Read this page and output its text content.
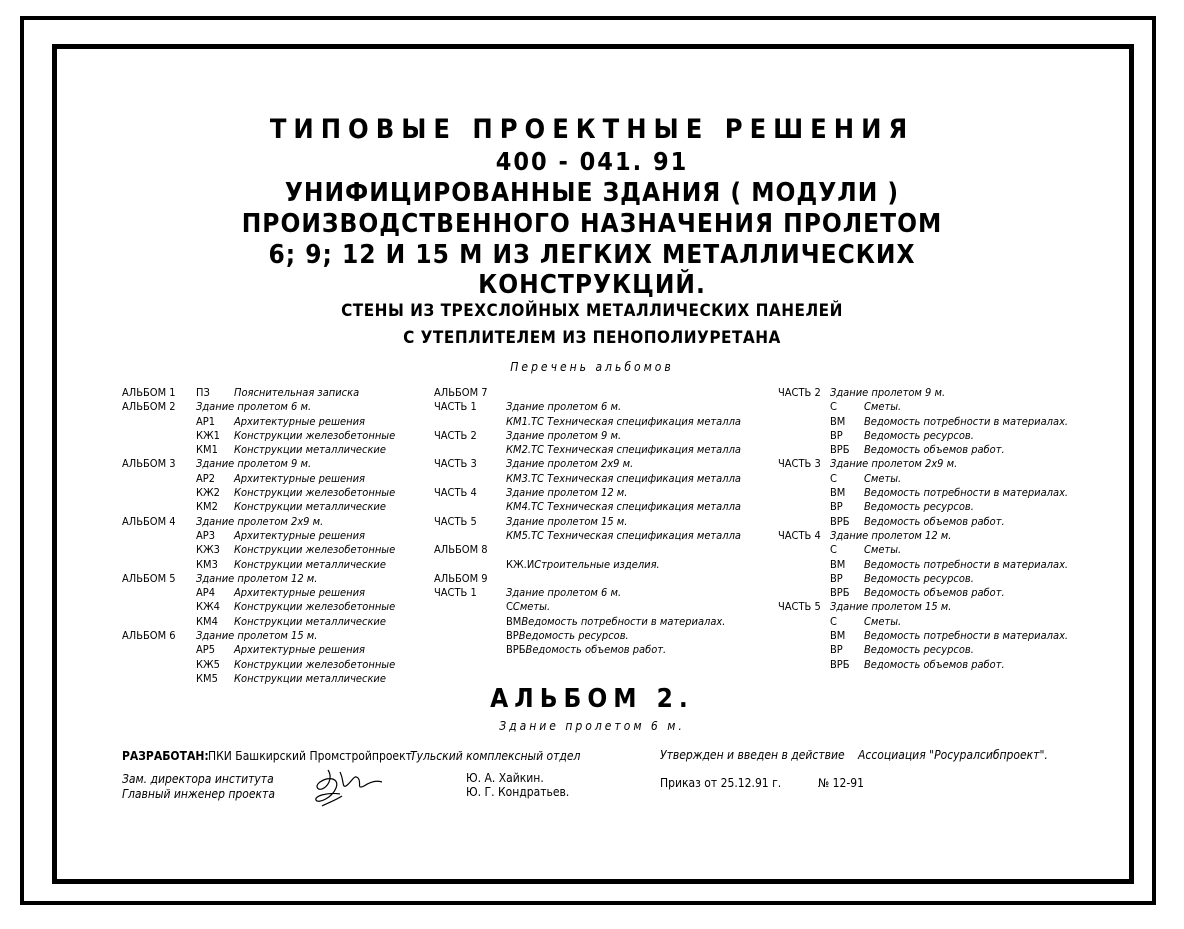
ТИПОВЫЕ ПРОЕКТНЫЕ РЕШЕНИЯ
400 - 041. 91
УНИФИЦИРОВАННЫЕ ЗДАНИЯ ( МОДУЛИ )
ПРОИЗВОДСТВЕННОГО НАЗНАЧЕНИЯ ПРОЛЕТОМ
6; 9; 12 И 15 М ИЗ ЛЕГКИХ МЕТАЛЛИЧЕСКИХ
КОНСТРУКЦИЙ.
СТЕНЫ ИЗ ТРЕХСЛОЙНЫХ МЕТАЛЛИЧЕСКИХ ПАНЕЛЕЙ
С УТЕПЛИТЕЛЕМ ИЗ ПЕНОПОЛИУРЕТАНА
Перечень альбомов
АЛЬБОМ 1	ПЗ	Пояснительная записка
АЛЬБОМ 2	Здание пролетом 6 м.
АР1	Архитектурные решения
КЖ1	Конструкции железобетонные
КМ1	Конструкции металлические
АЛЬБОМ 3	Здание пролетом 9 м.
АР2	Архитектурные решения
КЖ2	Конструкции железобетонные
КМ2	Конструкции металлические
АЛЬБОМ 4	Здание пролетом 2х9 м.
АР3	Архитектурные решения
КЖ3	Конструкции железобетонные
КМ3	Конструкции металлические
АЛЬБОМ 5	Здание пролетом 12 м.
АР4	Архитектурные решения
КЖ4	Конструкции железобетонные
КМ4	Конструкции металлические
АЛЬБОМ 6	Здание пролетом 15 м.
АР5	Архитектурные решения
КЖ5	Конструкции железобетонные
КМ5	Конструкции металлические
АЛЬБОМ 7
ЧАСТЬ 1	Здание пролетом 6 м.
КМ1.ТС Техническая спецификация металла
ЧАСТЬ 2	Здание пролетом 9 м.
КМ2.ТС Техническая спецификация металла
ЧАСТЬ 3	Здание пролетом 2х9 м.
КМ3.ТС Техническая спецификация металла
ЧАСТЬ 4	Здание пролетом 12 м.
КМ4.ТС Техническая спецификация металла
ЧАСТЬ 5	Здание пролетом 15 м.
КМ5.ТС Техническая спецификация металла
АЛЬБОМ 8
КЖ.И Строительные изделия.
АЛЬБОМ 9
ЧАСТЬ 1	Здание пролетом 6 м.
С Сметы.
ВМ Ведомость потребности в материалах.
ВР Ведомость ресурсов.
ВРБ Ведомость объемов работ.
ЧАСТЬ 2 Здание пролетом 9 м.
С	Сметы.
ВМ	Ведомость потребности в материалах.
ВР	Ведомость ресурсов.
ВРБ	Ведомость объемов работ.
ЧАСТЬ 3 Здание пролетом 2х9 м.
С	Сметы.
ВМ	Ведомость потребности в материалах.
ВР	Ведомость ресурсов.
ВРБ	Ведомость объемов работ.
ЧАСТЬ 4 Здание пролетом 12 м.
С	Сметы.
ВМ	Ведомость потребности в материалах.
ВР	Ведомость ресурсов.
ВРБ	Ведомость объемов работ.
ЧАСТЬ 5 Здание пролетом 15 м.
С	Сметы.
ВМ	Ведомость потребности в материалах.
ВР	Ведомость ресурсов.
ВРБ	Ведомость объемов работ.
АЛЬБОМ 2.
Здание пролетом 6 м.
РАЗРАБОТАН: ПКИ Башкирский Промстройпроект
Тульский комплексный отдел	Утвержден и введен в действие Ассоциация "Росуралсибпроект".
Зам. директора института
Главный инженер проекта
Ю. А. Хайкин.
Ю. Г. Кондратьев.
Приказ от 25.12.91 г.	№ 12-91
